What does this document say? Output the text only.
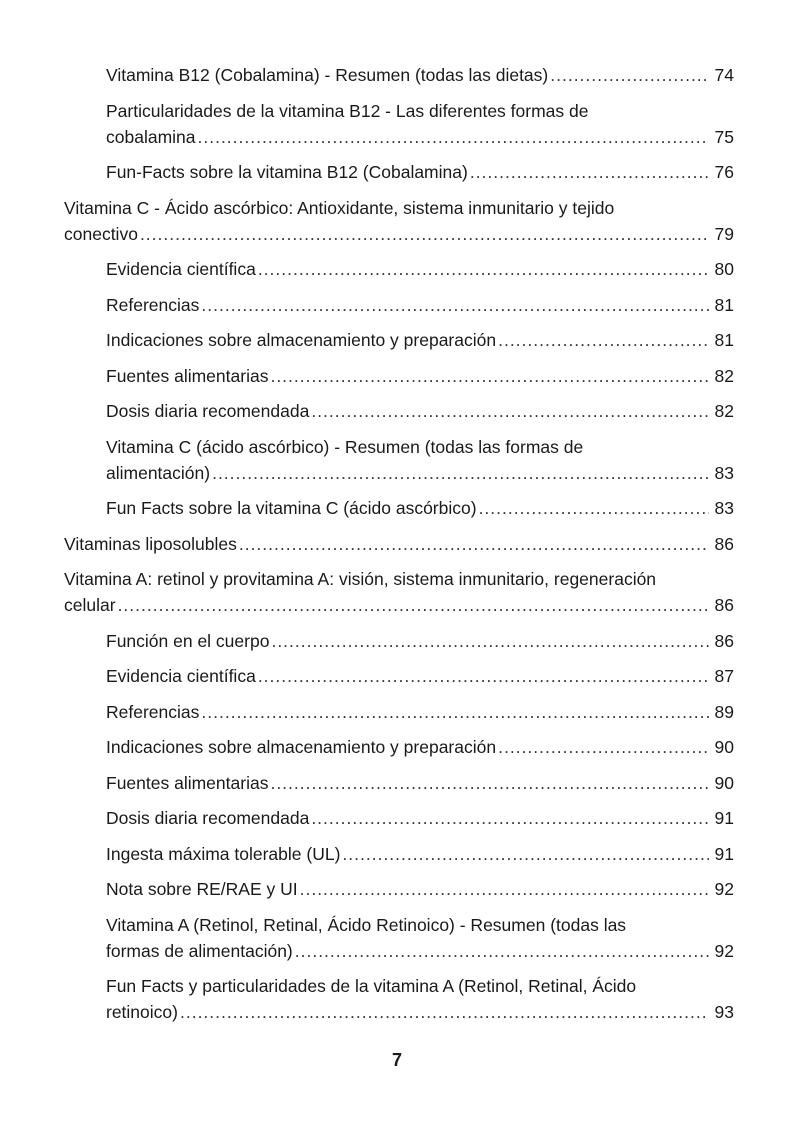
Vitamina B12 (Cobalamina) - Resumen (todas las dietas) .....	74
Particularidades de la vitamina B12 - Las diferentes formas de
cobalamina .....	75
Fun-Facts sobre la vitamina B12 (Cobalamina) .....	76
Vitamina C - Ácido ascórbico: Antioxidante, sistema inmunitario y tejido
conectivo .....	79
Evidencia científica .....	80
Referencias .....	81
Indicaciones sobre almacenamiento y preparación .....	81
Fuentes alimentarias .....	82
Dosis diaria recomendada .....	82
Vitamina C (ácido ascórbico) - Resumen (todas las formas de
alimentación) .....	83
Fun Facts sobre la vitamina C (ácido ascórbico) .....	83
Vitaminas liposolubles .....	86
Vitamina A: retinol y provitamina A: visión, sistema inmunitario, regeneración
celular .....	86
Función en el cuerpo .....	86
Evidencia científica .....	87
Referencias .....	89
Indicaciones sobre almacenamiento y preparación .....	90
Fuentes alimentarias .....	90
Dosis diaria recomendada .....	91
Ingesta máxima tolerable (UL) .....	91
Nota sobre RE/RAE y UI .....	92
Vitamina A (Retinol, Retinal, Ácido Retinoico) - Resumen (todas las
formas de alimentación) .....	92
Fun Facts y particularidades de la vitamina A (Retinol, Retinal, Ácido
retinoico) .....	93
7
